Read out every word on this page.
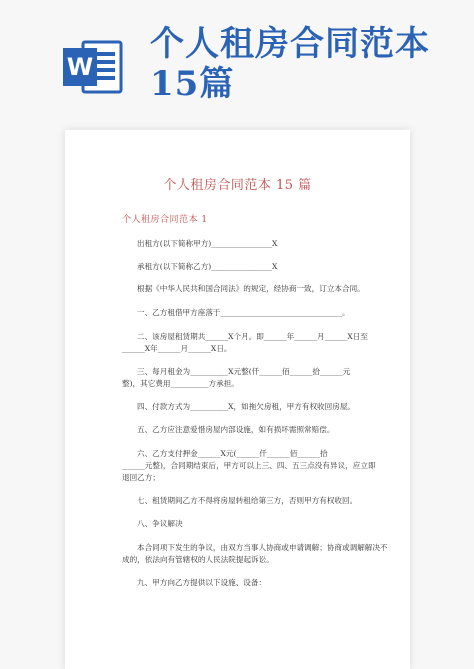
W
个人租房合同范本15篇
个人租房合同范本 15 篇
个人租房合同范本 1
出租方(以下简称甲方)________________X
承租方(以下简称乙方)________________X
根据《中华人民共和国合同法》的规定，经协商一致，订立本合同。
一、乙方租借甲方座落于________________________________。
二、该房屋租赁期共______X个月。即______年______月______X日至
______X年______月______X日。
三、每月租金为__________X元整(仟______佰______拾______元
整)，其它费用__________方承担。
四、付款方式为__________X，如拖欠房租，甲方有权收回房屋。
五、乙方应注意爱惜房屋内部设施，如有损坏需照常赔偿。
六、乙方支付押金______X元(______仟______佰______拾
______元整)，合同期结束后，甲方可以上三、四、五三点没有异议，应立即
退回乙方；
七、租赁期间乙方不得将房屋转租给第三方，否则甲方有权收回。
八、争议解决
本合同项下发生的争议，由双方当事人协商或申请调解；协商或调解解决不
成的，依法向有管辖权的人民法院提起诉讼。
九、甲方向乙方提供以下设施、设备：
